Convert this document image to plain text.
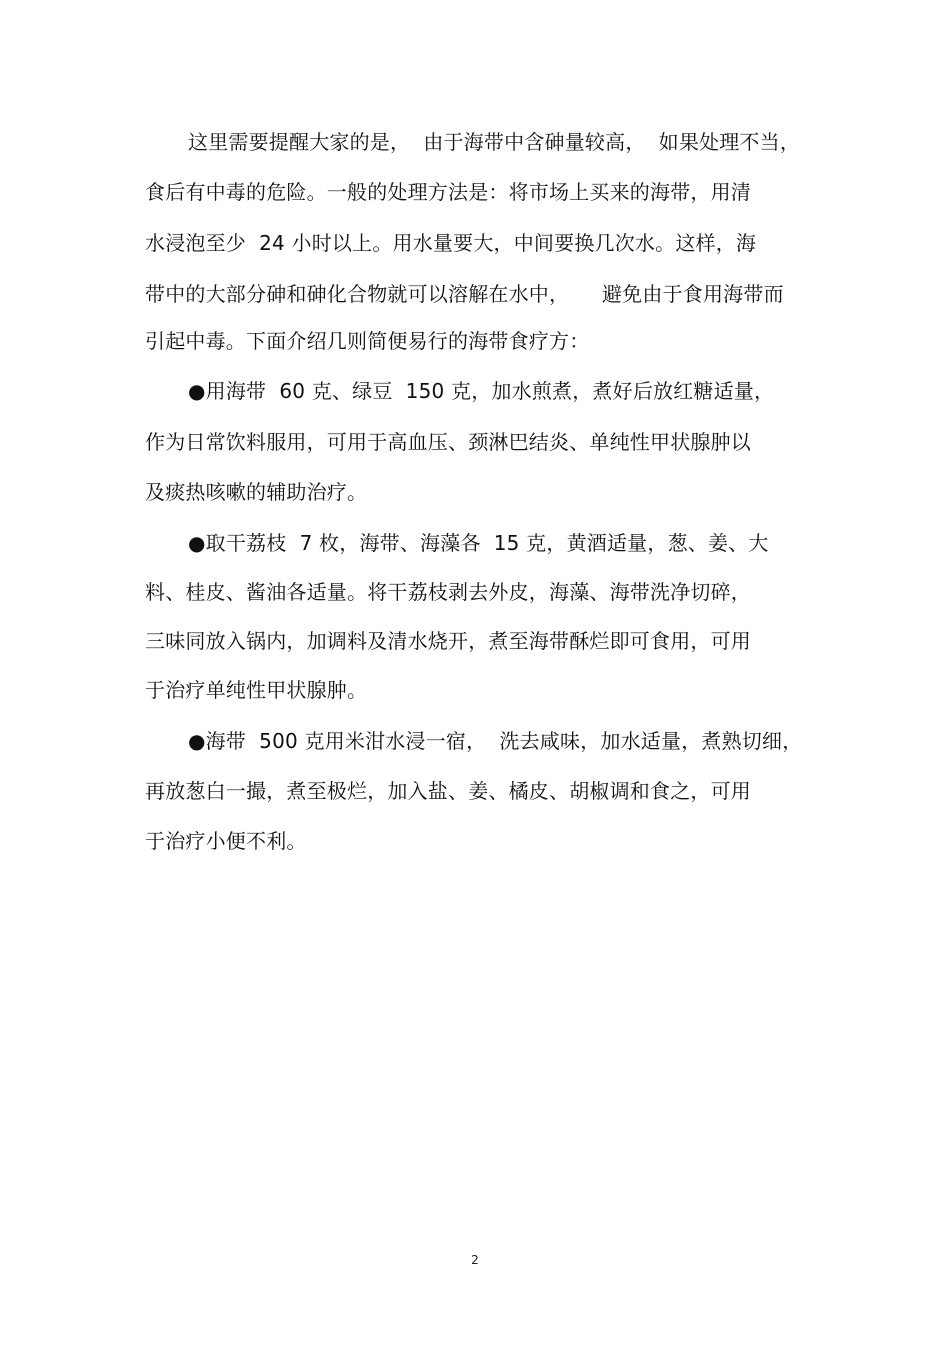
这里需要提醒大家的是，  由于海带中含砷量较高，  如果处理不当，
食后有中毒的危险。一般的处理方法是：将市场上买来的海带，用清
水浸泡至少  24 小时以上。用水量要大，中间要换几次水。这样，海
带中的大部分砷和砷化合物就可以溶解在水中，     避免由于食用海带而
引起中毒。下面介绍几则简便易行的海带食疗方：
●用海带  60 克、绿豆  150 克，加水煎煮，煮好后放红糖适量，
作为日常饮料服用，可用于高血压、颈淋巴结炎、单纯性甲状腺肿以
及痰热咳嗽的辅助治疗。
●取干荔枝  7 枚，海带、海藻各  15 克，黄酒适量，葱、姜、大
料、桂皮、酱油各适量。将干荔枝剥去外皮，海藻、海带洗净切碎，
三味同放入锅内，加调料及清水烧开，煮至海带酥烂即可食用，可用
于治疗单纯性甲状腺肿。
●海带  500 克用米泔水浸一宿，  洗去咸味，加水适量，煮熟切细，
再放葱白一撮，煮至极烂，加入盐、姜、橘皮、胡椒调和食之，可用
于治疗小便不利。
2
